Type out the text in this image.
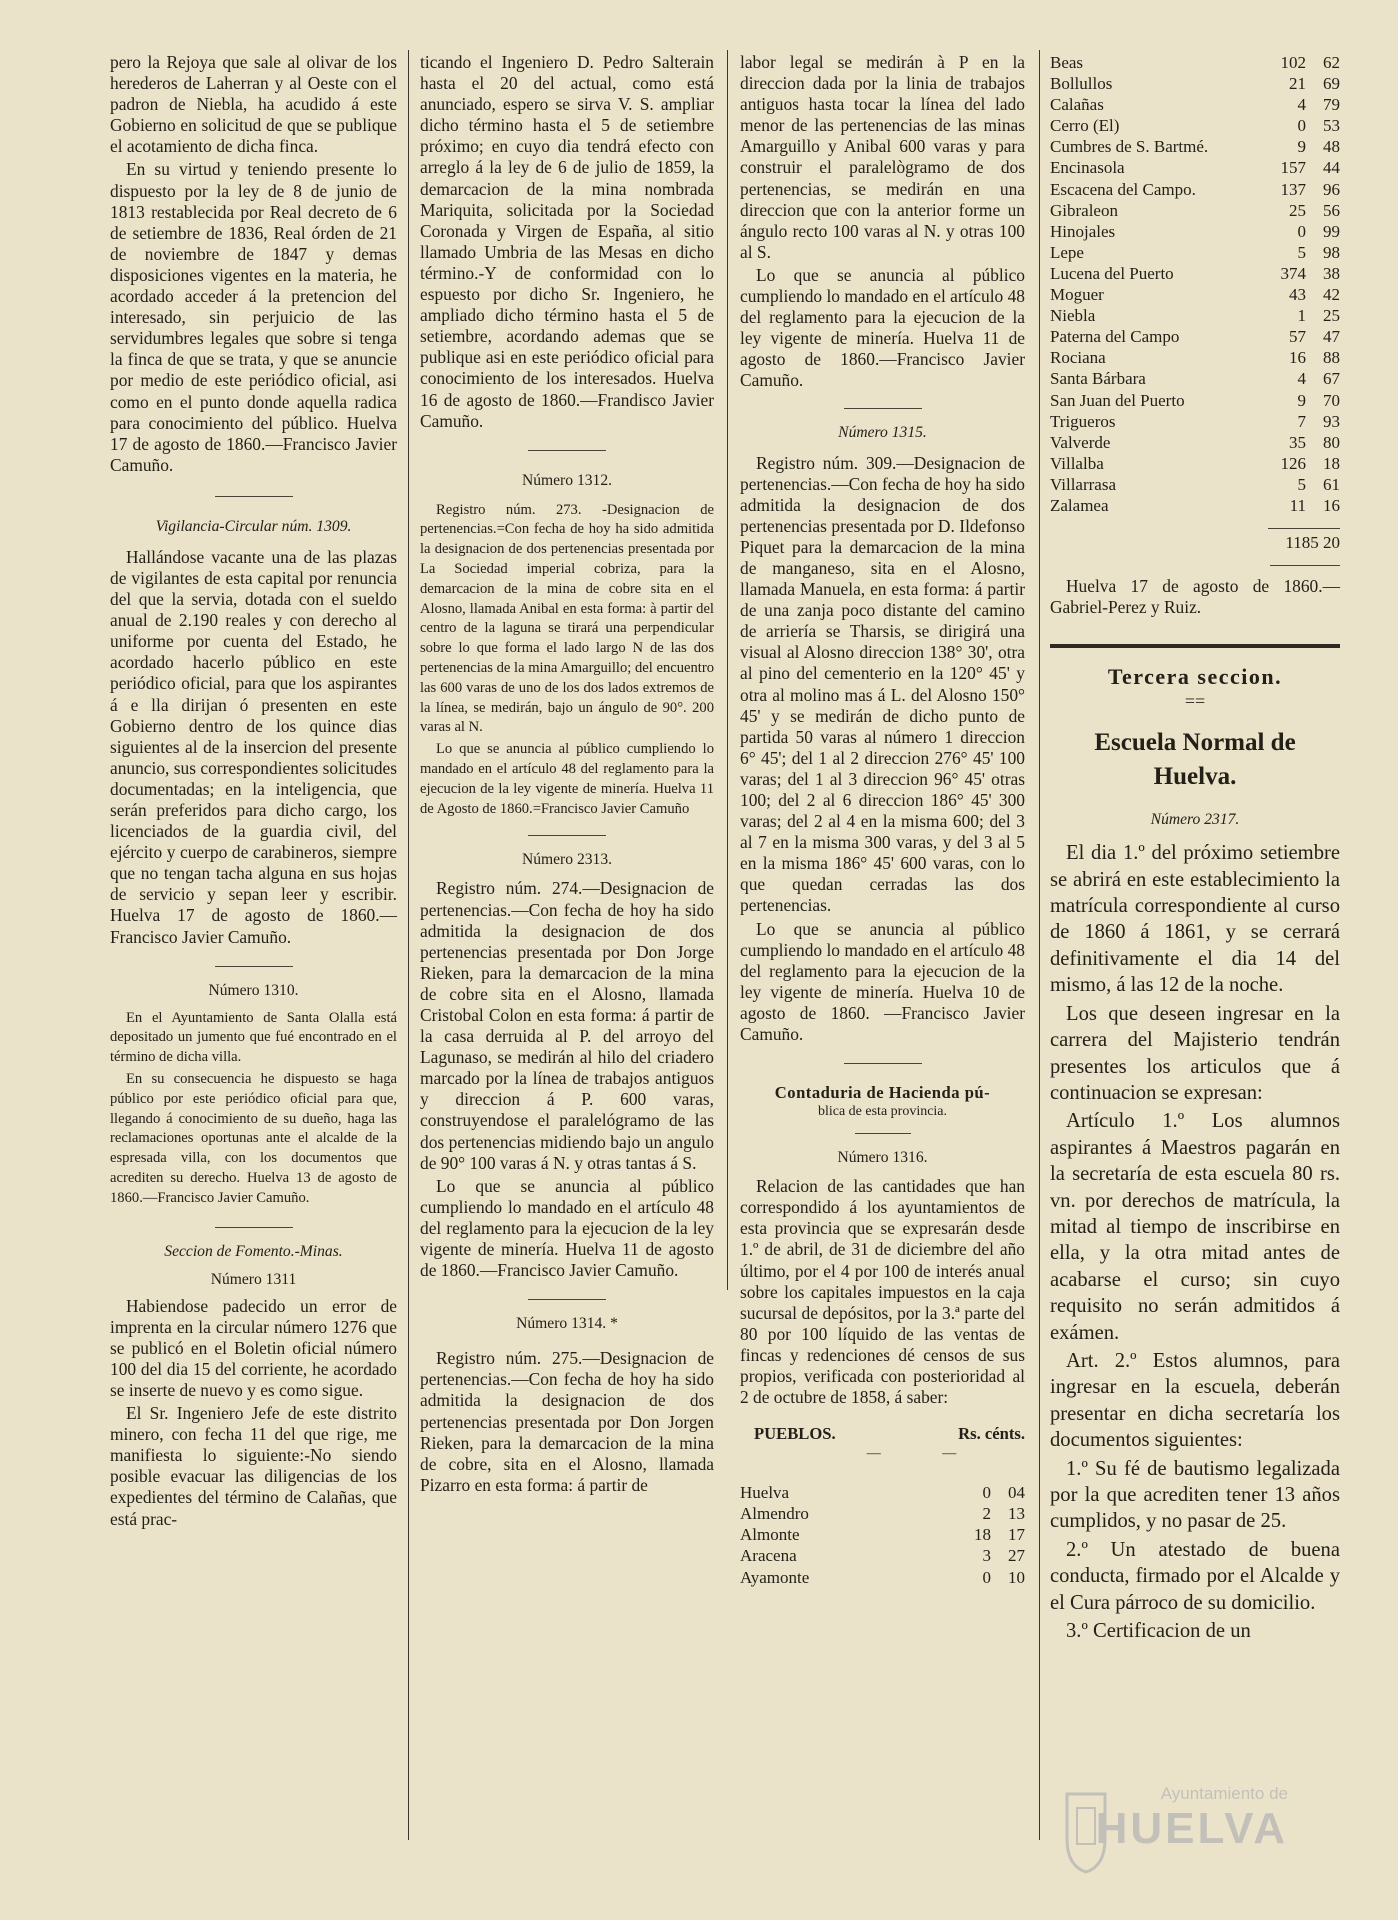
pero la Rejoya que sale al olivar de los herederos de Laherran y al Oeste con el padron de Niebla, ha acudido á este Gobierno en solicitud de que se publique el acotamiento de dicha finca.

En su virtud y teniendo presente lo dispuesto por la ley de 8 de junio de 1813 restablecida por Real decreto de 6 de setiembre de 1836, Real órden de 21 de noviembre de 1847 y demas disposiciones vigentes en la materia, he acordado acceder á la pretencion del interesado, sin perjuicio de las servidumbres legales que sobre si tenga la finca de que se trata, y que se anuncie por medio de este periódico oficial, asi como en el punto donde aquella radica para conocimiento del público. Huelva 17 de agosto de 1860.—Francisco Javier Camuño.

Vigilancia-Circular núm. 1309.

Hallándose vacante una de las plazas de vigilantes de esta capital por renuncia del que la servia, dotada con el sueldo anual de 2.190 reales y con derecho al uniforme por cuenta del Estado, he acordado hacerlo público en este periódico oficial, para que los aspirantes á e lla dirijan ó presenten en este Gobierno dentro de los quince dias siguientes al de la insercion del presente anuncio, sus correspondientes solicitudes documentadas; en la inteligencia, que serán preferidos para dicho cargo, los licenciados de la guardia civil, del ejército y cuerpo de carabineros, siempre que no tengan tacha alguna en sus hojas de servicio y sepan leer y escribir. Huelva 17 de agosto de 1860.—Francisco Javier Camuño.

Número 1310.

En el Ayuntamiento de Santa Olalla está depositado un jumento que fué encontrado en el término de dicha villa.

En su consecuencia he dispuesto se haga público por este periódico oficial para que, llegando á conocimiento de su dueño, haga las reclamaciones oportunas ante el alcalde de la espresada villa, con los documentos que acrediten su derecho. Huelva 13 de agosto de 1860.—Francisco Javier Camuño.

Seccion de Fomento.-Minas.
Número 1311

Habiendose padecido un error de imprenta en la circular número 1276 que se publicó en el Boletin oficial número 100 del dia 15 del corriente, he acordado se inserte de nuevo y es como sigue.

El Sr. Ingeniero Jefe de este distrito minero, con fecha 11 del que rige, me manifiesta lo siguiente:-No siendo posible evacuar las diligencias de los expedientes del término de Calañas, que está prac-

ticando el Ingeniero D. Pedro Salterain hasta el 20 del actual, como está anunciado, espero se sirva V. S. ampliar dicho término hasta el 5 de setiembre próximo; en cuyo dia tendrá efecto con arreglo á la ley de 6 de julio de 1859, la demarcacion de la mina nombrada Mariquita, solicitada por la Sociedad Coronada y Virgen de España, al sitio llamado Umbria de las Mesas en dicho término.-Y de conformidad con lo espuesto por dicho Sr. Ingeniero, he ampliado dicho término hasta el 5 de setiembre, acordando ademas que se publique asi en este periódico oficial para conocimiento de los interesados. Huelva 16 de agosto de 1860.—Frandisco Javier Camuño.

Número 1312.

Registro núm. 273. -Designacion de pertenencias.=Con fecha de hoy ha sido admitida la designacion de dos pertenencias presentada por La Sociedad imperial cobriza, para la demarcacion de la mina de cobre sita en el Alosno, llamada Anibal en esta forma: à partir del centro de la laguna se tirará una perpendicular sobre lo que forma el lado largo N de las dos pertenencias de la mina Amarguillo; del encuentro las 600 varas de uno de los dos lados extremos de la línea, se medirán, bajo un ángulo de 90°. 200 varas al N.

Lo que se anuncia al público cumpliendo lo mandado en el artículo 48 del reglamento para la ejecucion de la ley vigente de minería. Huelva 11 de Agosto de 1860.=Francisco Javier Camuño

Número 2313.

Registro núm. 274.—Designacion de pertenencias.—Con fecha de hoy ha sido admitida la designacion de dos pertenencias presentada por Don Jorge Rieken, para la demarcacion de la mina de cobre sita en el Alosno, llamada Cristobal Colon en esta forma: á partir de la casa derruida al P. del arroyo del Lagunaso, se medirán al hilo del criadero marcado por la línea de trabajos antiguos y direccion á P. 600 varas, construyendose el paralelógramo de las dos pertenencias midiendo bajo un angulo de 90° 100 varas á N. y otras tantas á S.

Lo que se anuncia al público cumpliendo lo mandado en el artículo 48 del reglamento para la ejecucion de la ley vigente de minería. Huelva 11 de agosto de 1860.—Francisco Javier Camuño.

Número 1314. *

Registro núm. 275.—Designacion de pertenencias.—Con fecha de hoy ha sido admitida la designacion de dos pertenencias presentada por Don Jorgen Rieken, para la demarcacion de la mina de cobre, sita en el Alosno, llamada Pizarro en esta forma: á partir de

labor legal se medirán à P en la direccion dada por la linia de trabajos antiguos hasta tocar la línea del lado menor de las pertenencias de las minas Amarguillo y Anibal 600 varas y para construir el paralelògramo de dos pertenencias, se medirán en una direccion que con la anterior forme un ángulo recto 100 varas al N. y otras 100 al S.

Lo que se anuncia al público cumpliendo lo mandado en el artículo 48 del reglamento para la ejecucion de la ley vigente de minería. Huelva 11 de agosto de 1860.—Francisco Javier Camuño.

Número 1315.

Registro núm. 309.—Designacion de pertenencias.—Con fecha de hoy ha sido admitida la designacion de dos pertenencias presentada por D. Ildefonso Piquet para la demarcacion de la mina de manganeso, sita en el Alosno, llamada Manuela, en esta forma: á partir de una zanja poco distante del camino de arriería se Tharsis, se dirigirá una visual al Alosno direccion 138° 30', otra al pino del cementerio en la 120° 45' y otra al molino mas á L. del Alosno 150° 45' y se medirán de dicho punto de partida 50 varas al número 1 direccion 6° 45'; del 1 al 2 direccion 276° 45' 100 varas; del 1 al 3 direccion 96° 45' otras 100; del 2 al 6 direccion 186° 45' 300 varas; del 2 al 4 en la misma 600; del 3 al 7 en la misma 300 varas, y del 3 al 5 en la misma 186° 45' 600 varas, con lo que quedan cerradas las dos pertenencias.

Lo que se anuncia al público cumpliendo lo mandado en el artículo 48 del reglamento para la ejecucion de la ley vigente de minería. Huelva 10 de agosto de 1860. —Francisco Javier Camuño.

Contaduria de Hacienda pú-
blica de esta provincia.
Número 1316.

Relacion de las cantidades que han correspondido á los ayuntamientos de esta provincia que se expresarán desde 1.º de abril, de 31 de diciembre del año último, por el 4 por 100 de interés anual sobre los capitales impuestos en la caja sucursal de depósitos, por la 3.ª parte del 80 por 100 líquido de las ventas de fincas y redenciones dé censos de sus propios, verificada con posterioridad al 2 de octubre de 1858, á saber:

PUEBLOS.	Rs. cénts.
—	—
Huelva	0	04
Almendro	2	13
Almonte	18	17
Aracena	3	27
Ayamonte	0	10
Beas	102	62
Bollullos	21	69
Calañas	4	79
Cerro (El)	0	53
Cumbres de S. Bartmé.	9	48
Encinasola	157	44
Escacena del Campo.	137	96
Gibraleon	25	56
Hinojales	0	99
Lepe	5	98
Lucena del Puerto	374	38
Moguer	43	42
Niebla	1	25
Paterna del Campo	57	47
Rociana	16	88
Santa Bárbara	4	67
San Juan del Puerto	9	70
Trigueros	7	93
Valverde	35	80
Villalba	126	18
Villarrasa	5	61
Zalamea	11	16
1185 20

Huelva 17 de agosto de 1860.—Gabriel-Perez y Ruiz.

Tercera seccion.
==
Escuela Normal de Huelva.
Número 2317.

El dia 1.º del próximo setiembre se abrirá en este establecimiento la matrícula correspondiente al curso de 1860 á 1861, y se cerrará definitivamente el dia 14 del mismo, á las 12 de la noche.

Los que deseen ingresar en la carrera del Majisterio tendrán presentes los articulos que á continuacion se expresan:

Artículo 1.º Los alumnos aspirantes á Maestros pagarán en la secretaría de esta escuela 80 rs. vn. por derechos de matrícula, la mitad al tiempo de inscribirse en ella, y la otra mitad antes de acabarse el curso; sin cuyo requisito no serán admitidos á exámen.

Art. 2.º Estos alumnos, para ingresar en la escuela, deberán presentar en dicha secretaría los documentos siguientes:

1.º Su fé de bautismo legalizada por la que acrediten tener 13 años cumplidos, y no pasar de 25.

2.º Un atestado de buena conducta, firmado por el Alcalde y el Cura párroco de su domicilio.

3.º Certificacion de un

Ayuntamiento de
HUELVA
